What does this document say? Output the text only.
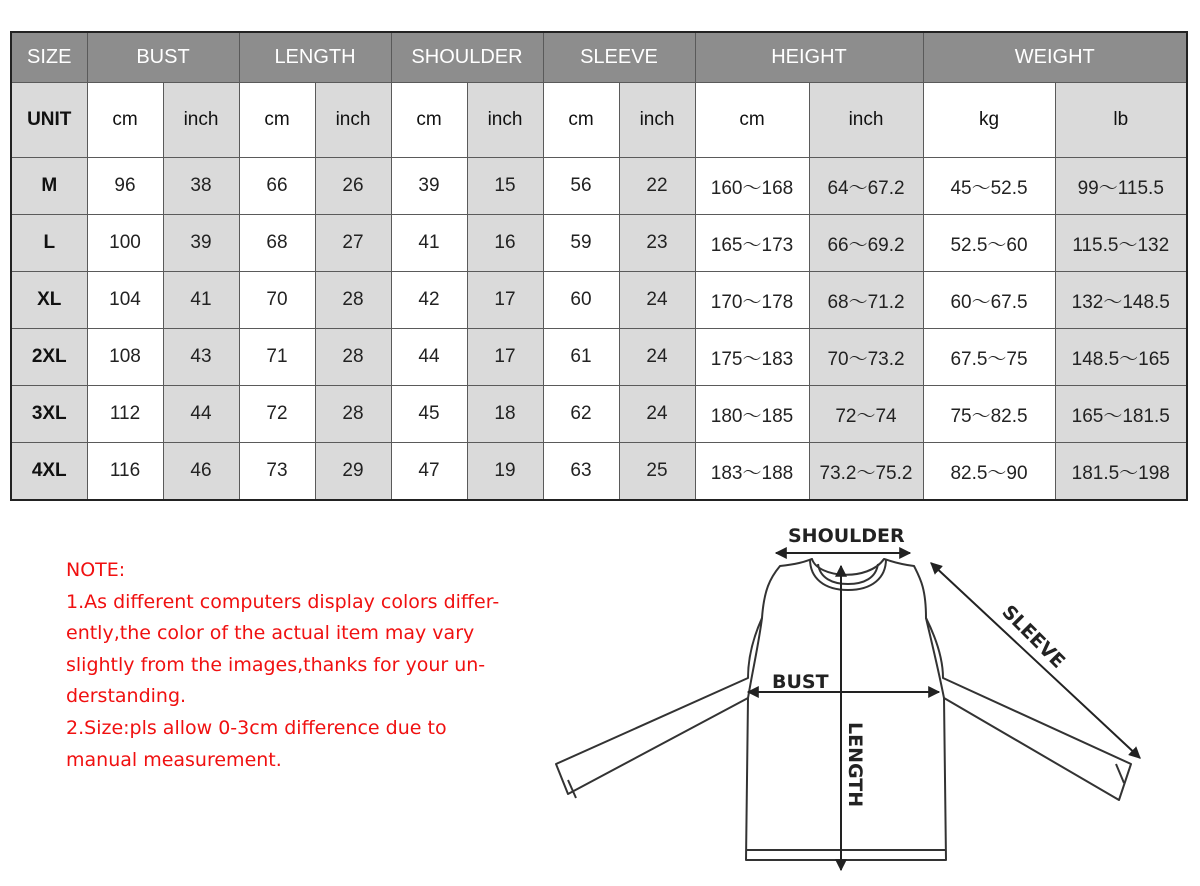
SIZE	BUST		LENGTH		SHOULDER		SLEEVE		HEIGHT		WEIGHT	
UNIT	cm	inch	cm	inch	cm	inch	cm	inch	cm	inch	kg	lb
M	96	38	66	26	39	15	56	22	160～168	64～67.2	45～52.5	99～115.5
L	100	39	68	27	41	16	59	23	165～173	66～69.2	52.5～60	115.5～132
XL	104	41	70	28	42	17	60	24	170～178	68～71.2	60～67.5	132～148.5
2XL	108	43	71	28	44	17	61	24	175～183	70～73.2	67.5～75	148.5～165
3XL	112	44	72	28	45	18	62	24	180～185	72～74	75～82.5	165～181.5
4XL	116	46	73	29	47	19	63	25	183～188	73.2～75.2	82.5～90	181.5～198
NOTE:
1.As different computers display colors differ-
ently,the color of the actual item may vary
slightly from the images,thanks for your un-
derstanding.
2.Size:pls allow 0-3cm difference due to
manual measurement.
SHOULDER
BUST
LENGTH
SLEEVE
